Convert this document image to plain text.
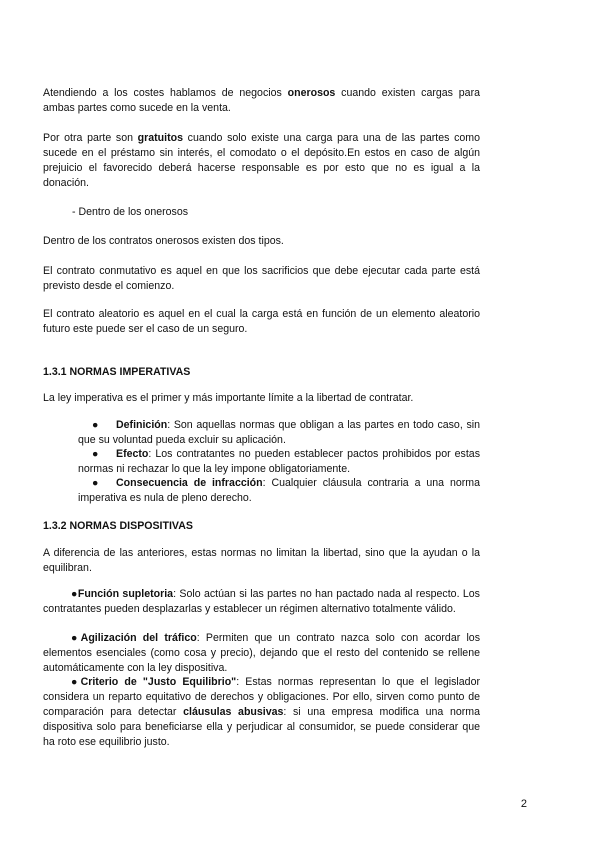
Atendiendo a los costes hablamos de negocios onerosos cuando existen cargas para ambas partes como sucede en la venta.

Por otra parte son gratuitos cuando solo existe una carga para una de las partes como sucede en el préstamo sin interés, el comodato o el depósito.En estos en caso de algún prejuicio el favorecido deberá hacerse responsable es por esto que no es igual a la donación.

- Dentro de los onerosos

Dentro de los contratos onerosos existen dos tipos.

El contrato conmutativo es aquel en que los sacrificios que debe ejecutar cada parte está previsto desde el comienzo.

El contrato aleatorio es aquel en el cual la carga está en función de un elemento aleatorio futuro este puede ser el caso de un seguro.

1.3.1 NORMAS IMPERATIVAS

La ley imperativa es el primer y más importante límite a la libertad de contratar.

● Definición: Son aquellas normas que obligan a las partes en todo caso, sin que su voluntad pueda excluir su aplicación.

● Efecto: Los contratantes no pueden establecer pactos prohibidos por estas normas ni rechazar lo que la ley impone obligatoriamente.

● Consecuencia de infracción: Cualquier cláusula contraria a una norma imperativa es nula de pleno derecho.

1.3.2 NORMAS DISPOSITIVAS

A diferencia de las anteriores, estas normas no limitan la libertad, sino que la ayudan o la equilibran.

●Función supletoria: Solo actúan si las partes no han pactado nada al respecto. Los contratantes pueden desplazarlas y establecer un régimen alternativo totalmente válido.

●Agilización del tráfico: Permiten que un contrato nazca solo con acordar los elementos esenciales (como cosa y precio), dejando que el resto del contenido se rellene automáticamente con la ley dispositiva.

●Criterio de "Justo Equilibrio": Estas normas representan lo que el legislador considera un reparto equitativo de derechos y obligaciones. Por ello, sirven como punto de comparación para detectar cláusulas abusivas: si una empresa modifica una norma dispositiva solo para beneficiarse ella y perjudicar al consumidor, se puede considerar que ha roto ese equilibrio justo.

2
